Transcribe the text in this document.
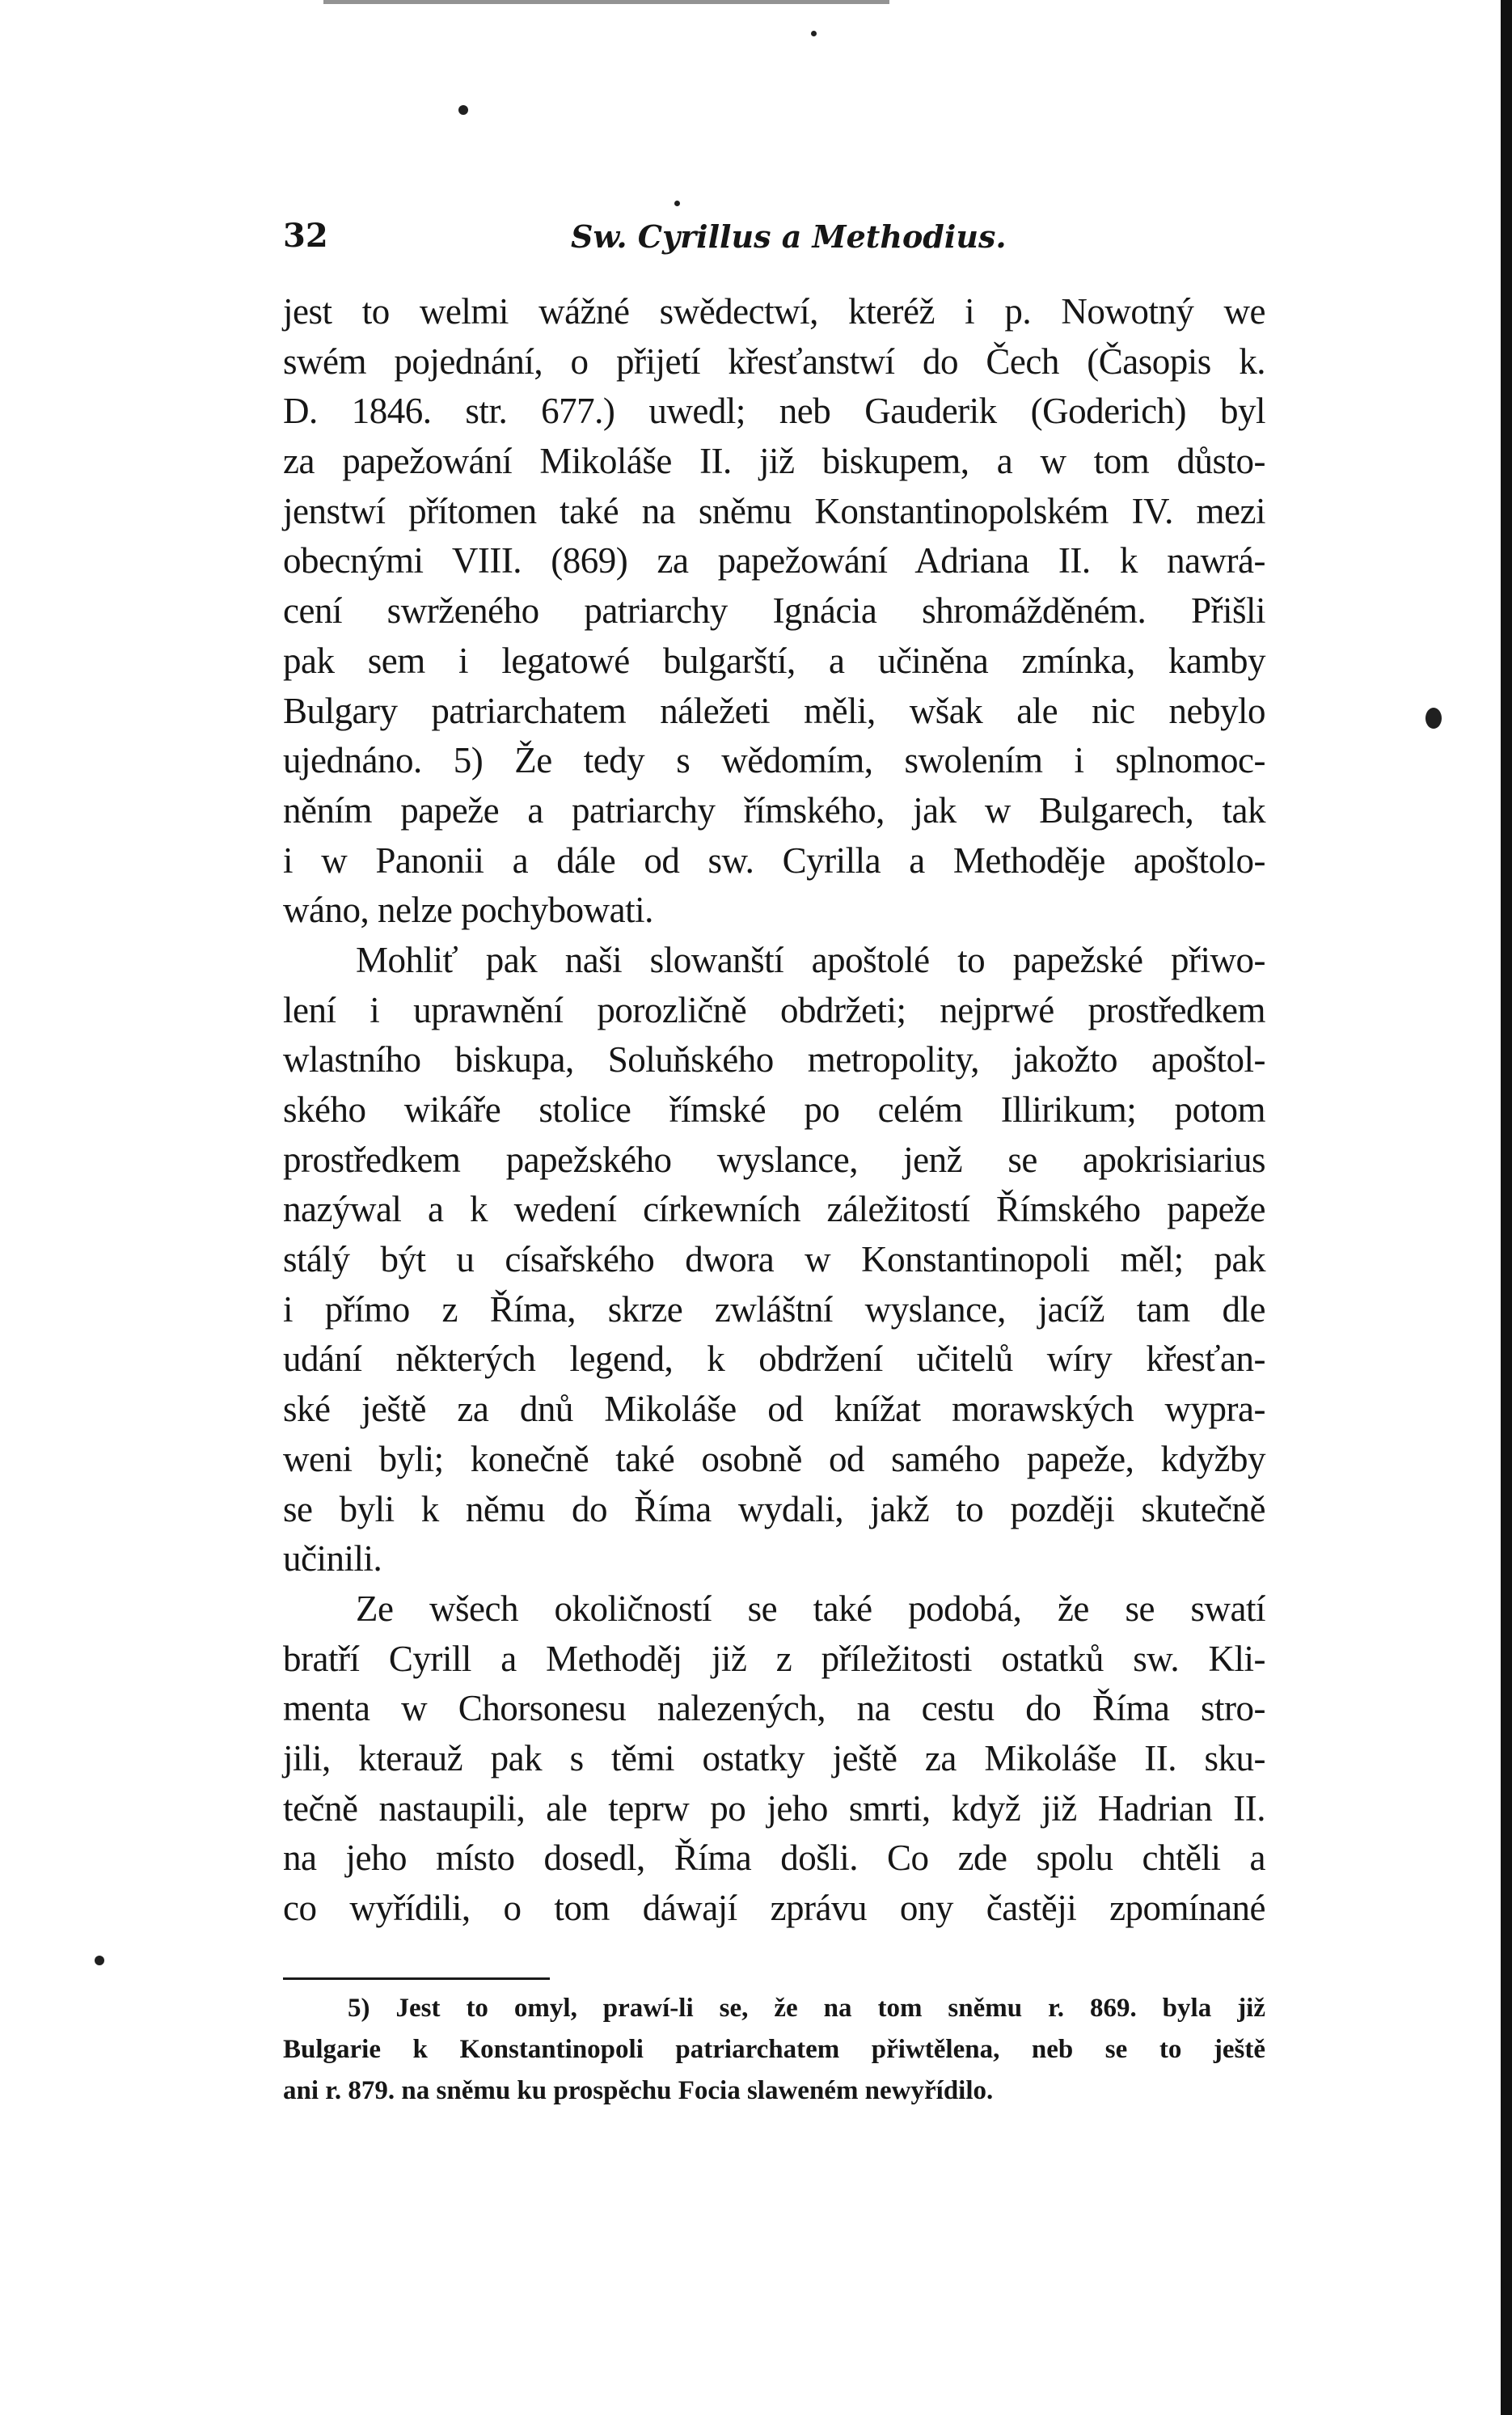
32	Sw. Cyrillus a Methodius.
jest to welmi wážné swědectwí, kteréž i p. Nowotný we
swém pojednání, o přijetí křesťanstwí do Čech (Časopis k.
D. 1846. str. 677.) uwedl; neb Gauderik (Goderich) byl
za papežowání Mikoláše II. již biskupem, a w tom důsto-
jenstwí přítomen také na sněmu Konstantinopolském IV. mezi
obecnými VIII. (869) za papežowání Adriana II. k nawrá-
cení swrženého patriarchy Ignácia shromážděném. Přišli
pak sem i legatowé bulgarští, a učiněna zmínka, kamby
Bulgary patriarchatem náležeti měli, wšak ale nic nebylo
ujednáno. 5) Že tedy s wědomím, swolením i splnomoc-
něním papeže a patriarchy římského, jak w Bulgarech, tak
i w Panonii a dále od sw. Cyrilla a Methoděje apoštolo-
wáno, nelze pochybowati.
Mohliť pak naši slowanští apoštolé to papežské přiwo-
lení i uprawnění porozličně obdržeti; nejprwé prostředkem
wlastního biskupa, Soluňského metropolity, jakožto apoštol-
ského wikáře stolice římské po celém Illirikum; potom
prostředkem papežského wyslance, jenž se apokrisiarius
nazýwal a k wedení církewních záležitostí Římského papeže
stálý být u císařského dwora w Konstantinopoli měl; pak
i přímo z Říma, skrze zwláštní wyslance, jacíž tam dle
udání některých legend, k obdržení učitelů wíry křesťan-
ské ještě za dnů Mikoláše od knížat morawských wypra-
weni byli; konečně také osobně od samého papeže, kdyžby
se byli k němu do Říma wydali, jakž to později skutečně
učinili.
Ze wšech okoličností se také podobá, že se swatí
bratří Cyrill a Methoděj již z příležitosti ostatků sw. Kli-
menta w Chorsonesu nalezených, na cestu do Říma stro-
jili, kterauž pak s těmi ostatky ještě za Mikoláše II. sku-
tečně nastaupili, ale teprw po jeho smrti, když již Hadrian II.
na jeho místo dosedl, Říma došli. Co zde spolu chtěli a
co wyřídili, o tom dáwají zprávu ony častěji zpomínané
5) Jest to omyl, prawí-li se, že na tom sněmu r. 869. byla již
Bulgarie k Konstantinopoli patriarchatem přiwtělena, neb se to ještě
ani r. 879. na sněmu ku prospěchu Focia slaweném newyřídilo.
